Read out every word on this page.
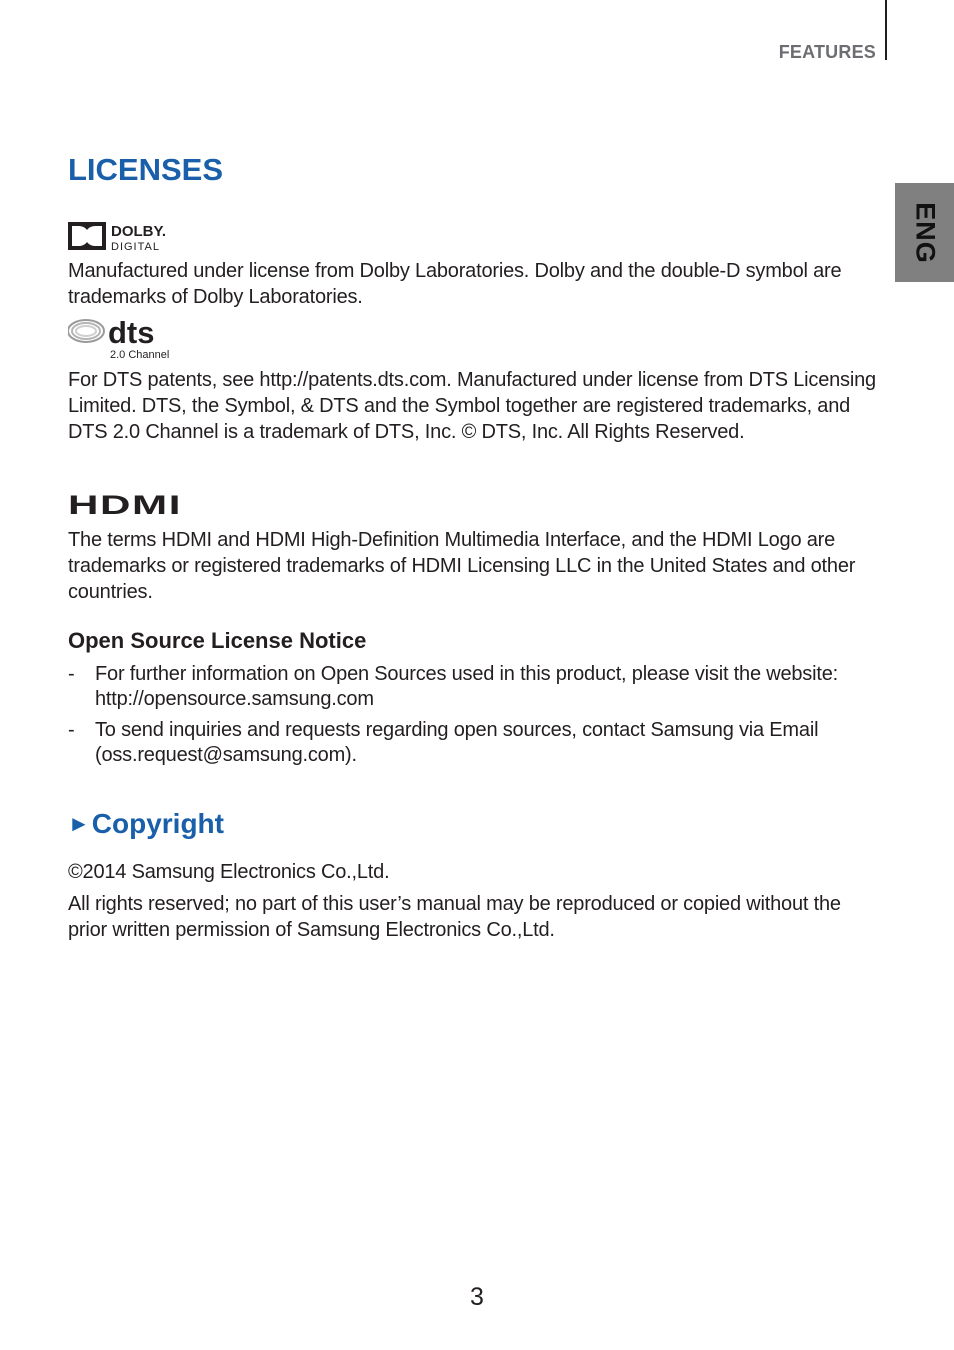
FEATURES
ENG
LICENSES
DOLBY.
DIGITAL

Manufactured under license from Dolby Laboratories. Dolby and the double-D symbol are trademarks of Dolby Laboratories.

dts
2.0 Channel

For DTS patents, see http://patents.dts.com. Manufactured under license from DTS Licensing Limited. DTS, the Symbol, & DTS and the Symbol together are registered trademarks, and DTS 2.0 Channel is a trademark of DTS, Inc. © DTS, Inc. All Rights Reserved.

HDMI

The terms HDMI and HDMI High-Definition Multimedia Interface, and the HDMI Logo are trademarks or registered trademarks of HDMI Licensing LLC in the United States and other countries.

Open Source License Notice
- For further information on Open Sources used in this product, please visit the website: http://opensource.samsung.com
- To send inquiries and requests regarding open sources, contact Samsung via Email (oss.request@samsung.com).
►Copyright

©2014 Samsung Electronics Co.,Ltd.

All rights reserved; no part of this user’s manual may be reproduced or copied without the prior written permission of Samsung Electronics Co.,Ltd.

3
